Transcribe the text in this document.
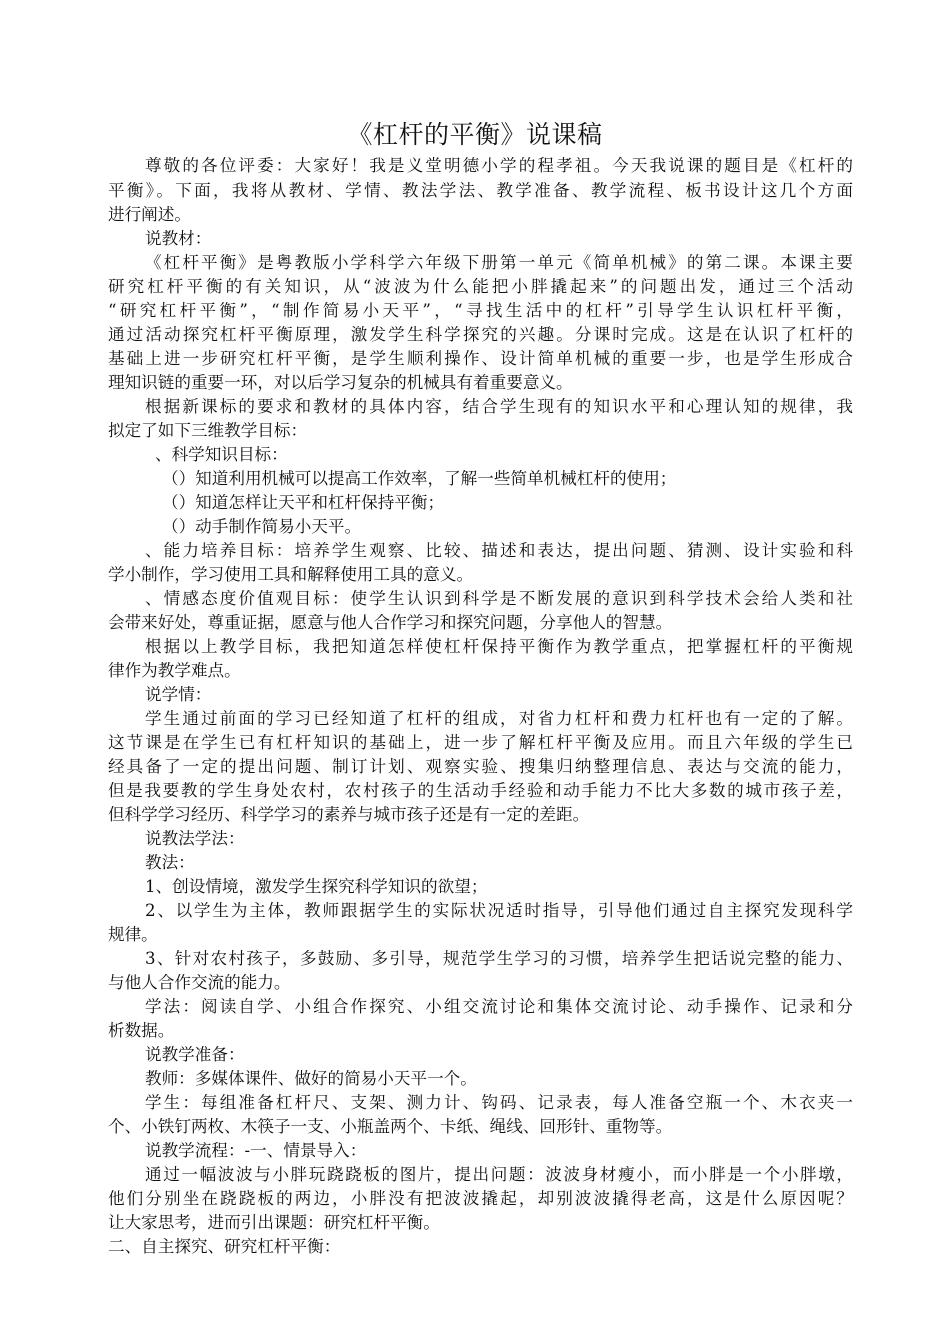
《杠杆的平衡》说课稿
尊敬的各位评委：大家好！我是义堂明德小学的程孝祖。今天我说课的题目是《杠杆的
平衡》。下面，我将从教材、学情、教法学法、教学准备、教学流程、板书设计这几个方面
进行阐述。
说教材：
《杠杆平衡》是粤教版小学科学六年级下册第一单元《简单机械》的第二课。本课主要
研究杠杆平衡的有关知识，从“波波为什么能把小胖撬起来”的问题出发，通过三个活动
“研究杠杆平衡”，“制作简易小天平”，“寻找生活中的杠杆”引导学生认识杠杆平衡，
通过活动探究杠杆平衡原理，激发学生科学探究的兴趣。分课时完成。这是在认识了杠杆的
基础上进一步研究杠杆平衡，是学生顺利操作、设计简单机械的重要一步，也是学生形成合
理知识链的重要一环，对以后学习复杂的机械具有着重要意义。
根据新课标的要求和教材的具体内容，结合学生现有的知识水平和心理认知的规律，我
拟定了如下三维教学目标：
、科学知识目标：
（）知道利用机械可以提高工作效率，了解一些简单机械杠杆的使用；
（）知道怎样让天平和杠杆保持平衡；
（）动手制作简易小天平。
、能力培养目标：培养学生观察、比较、描述和表达，提出问题、猜测、设计实验和科
学小制作，学习使用工具和解释使用工具的意义。
、情感态度价值观目标：使学生认识到科学是不断发展的意识到科学技术会给人类和社
会带来好处，尊重证据，愿意与他人合作学习和探究问题，分享他人的智慧。
根据以上教学目标，我把知道怎样使杠杆保持平衡作为教学重点，把掌握杠杆的平衡规
律作为教学难点。
说学情：
学生通过前面的学习已经知道了杠杆的组成，对省力杠杆和费力杠杆也有一定的了解。
这节课是在学生已有杠杆知识的基础上，进一步了解杠杆平衡及应用。而且六年级的学生已
经具备了一定的提出问题、制订计划、观察实验、搜集归纳整理信息、表达与交流的能力，
但是我要教的学生身处农村，农村孩子的生活动手经验和动手能力不比大多数的城市孩子差，
但科学学习经历、科学学习的素养与城市孩子还是有一定的差距。
说教法学法：
教法：
1、创设情境，激发学生探究科学知识的欲望；
2、以学生为主体，教师跟据学生的实际状况适时指导，引导他们通过自主探究发现科学
规律。
3、针对农村孩子，多鼓励、多引导，规范学生学习的习惯，培养学生把话说完整的能力、
与他人合作交流的能力。
学法：阅读自学、小组合作探究、小组交流讨论和集体交流讨论、动手操作、记录和分
析数据。
说教学准备：
教师：多媒体课件、做好的简易小天平一个。
学生：每组准备杠杆尺、支架、测力计、钩码、记录表，每人准备空瓶一个、木衣夹一
个、小铁钉两枚、木筷子一支、小瓶盖两个、卡纸、绳线、回形针、重物等。
说教学流程：-一、情景导入：
通过一幅波波与小胖玩跷跷板的图片，提出问题：波波身材瘦小，而小胖是一个小胖墩，
他们分别坐在跷跷板的两边，小胖没有把波波撬起，却别波波撬得老高，这是什么原因呢？
让大家思考，进而引出课题：研究杠杆平衡。
二、自主探究、研究杠杆平衡：
